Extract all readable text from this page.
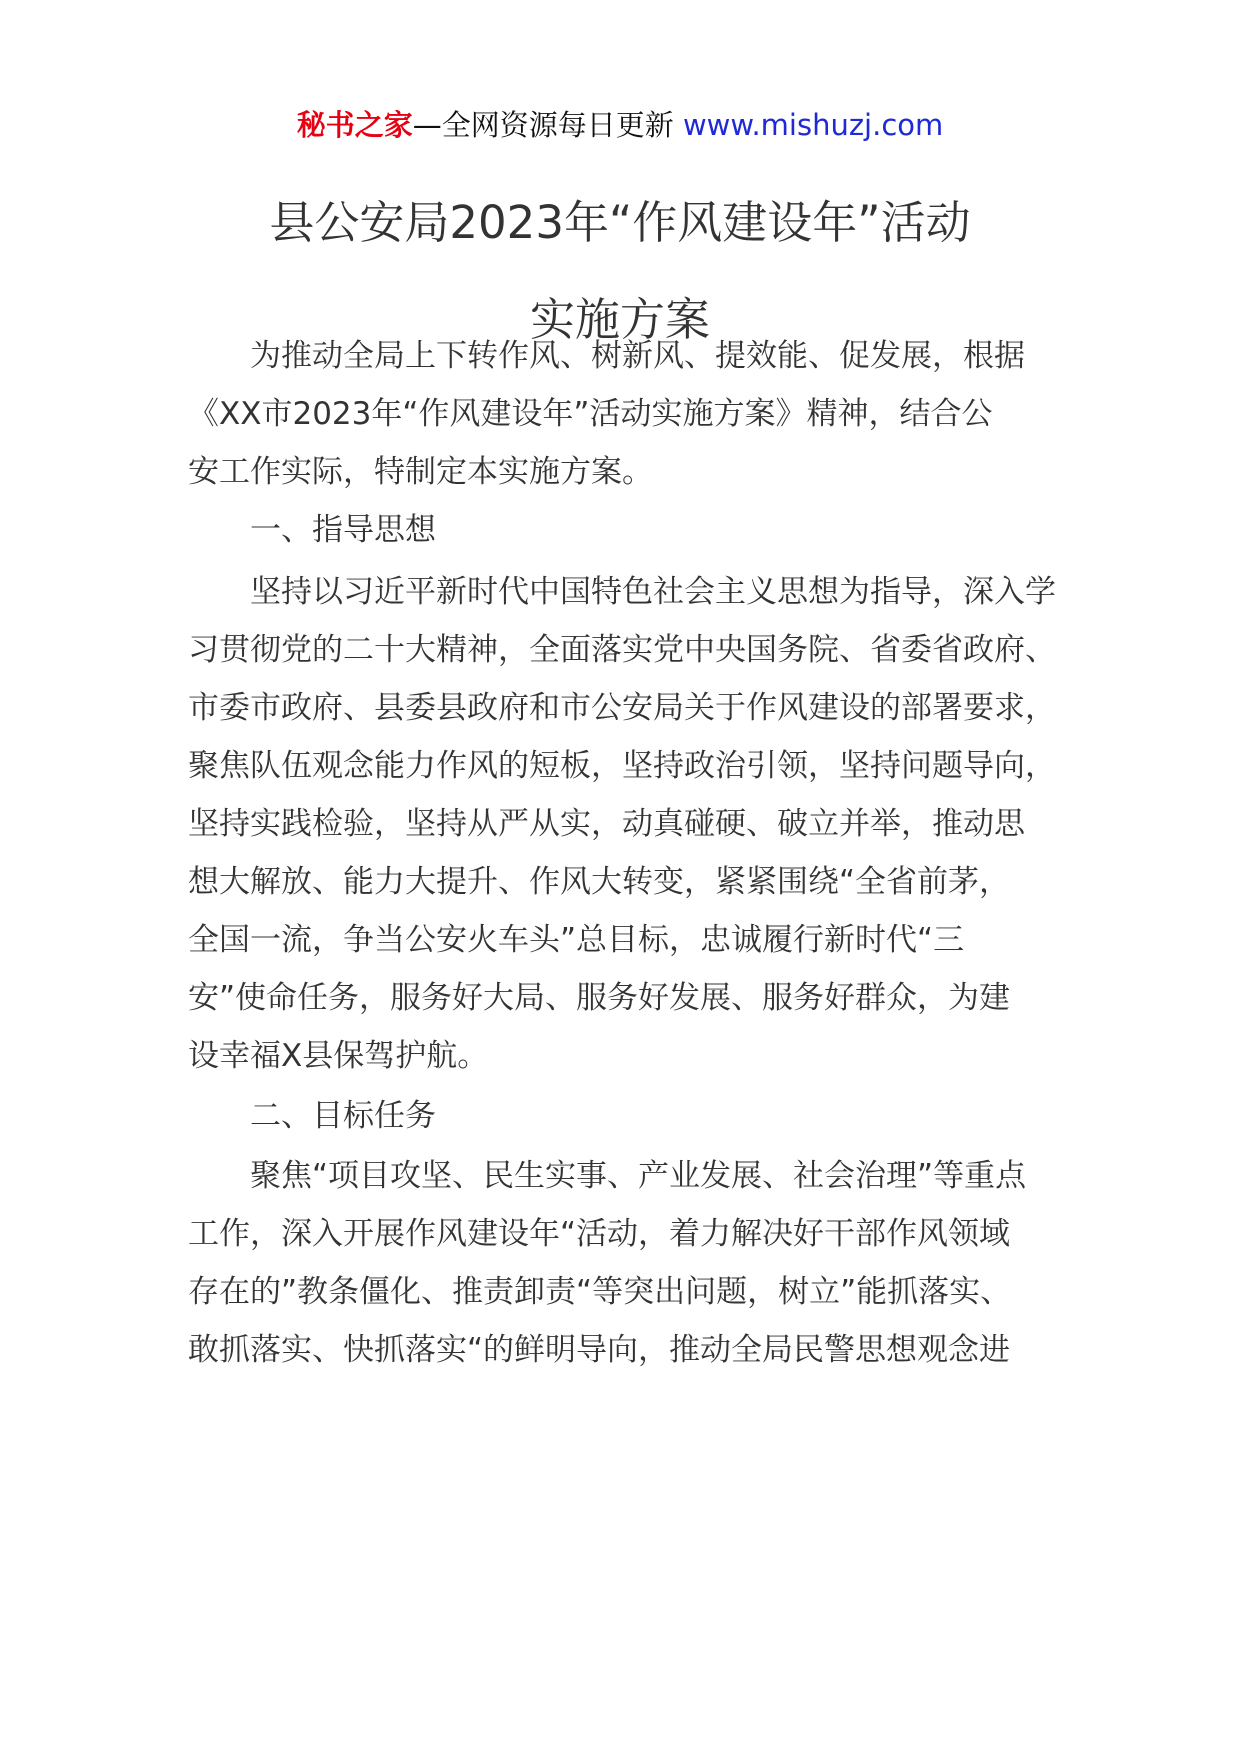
秘书之家—全网资源每日更新 www.mishuzj.com
县公安局2023年“作风建设年”活动
实施方案
　　为推动全局上下转作风、树新风、提效能、促发展，根据
《XX市2023年“作风建设年”活动实施方案》精神，结合公
安工作实际，特制定本实施方案。
　　一、指导思想
　　坚持以习近平新时代中国特色社会主义思想为指导，深入学
习贯彻党的二十大精神，全面落实党中央国务院、省委省政府、
市委市政府、县委县政府和市公安局关于作风建设的部署要求，
聚焦队伍观念能力作风的短板，坚持政治引领，坚持问题导向，
坚持实践检验，坚持从严从实，动真碰硬、破立并举，推动思
想大解放、能力大提升、作风大转变，紧紧围绕“全省前茅，
全国一流，争当公安火车头”总目标，忠诚履行新时代“三
安”使命任务，服务好大局、服务好发展、服务好群众，为建
设幸福X县保驾护航。
　　二、目标任务
　　聚焦“项目攻坚、民生实事、产业发展、社会治理”等重点
工作，深入开展作风建设年“活动，着力解决好干部作风领域
存在的”教条僵化、推责卸责“等突出问题，树立”能抓落实、
敢抓落实、快抓落实“的鲜明导向，推动全局民警思想观念进
